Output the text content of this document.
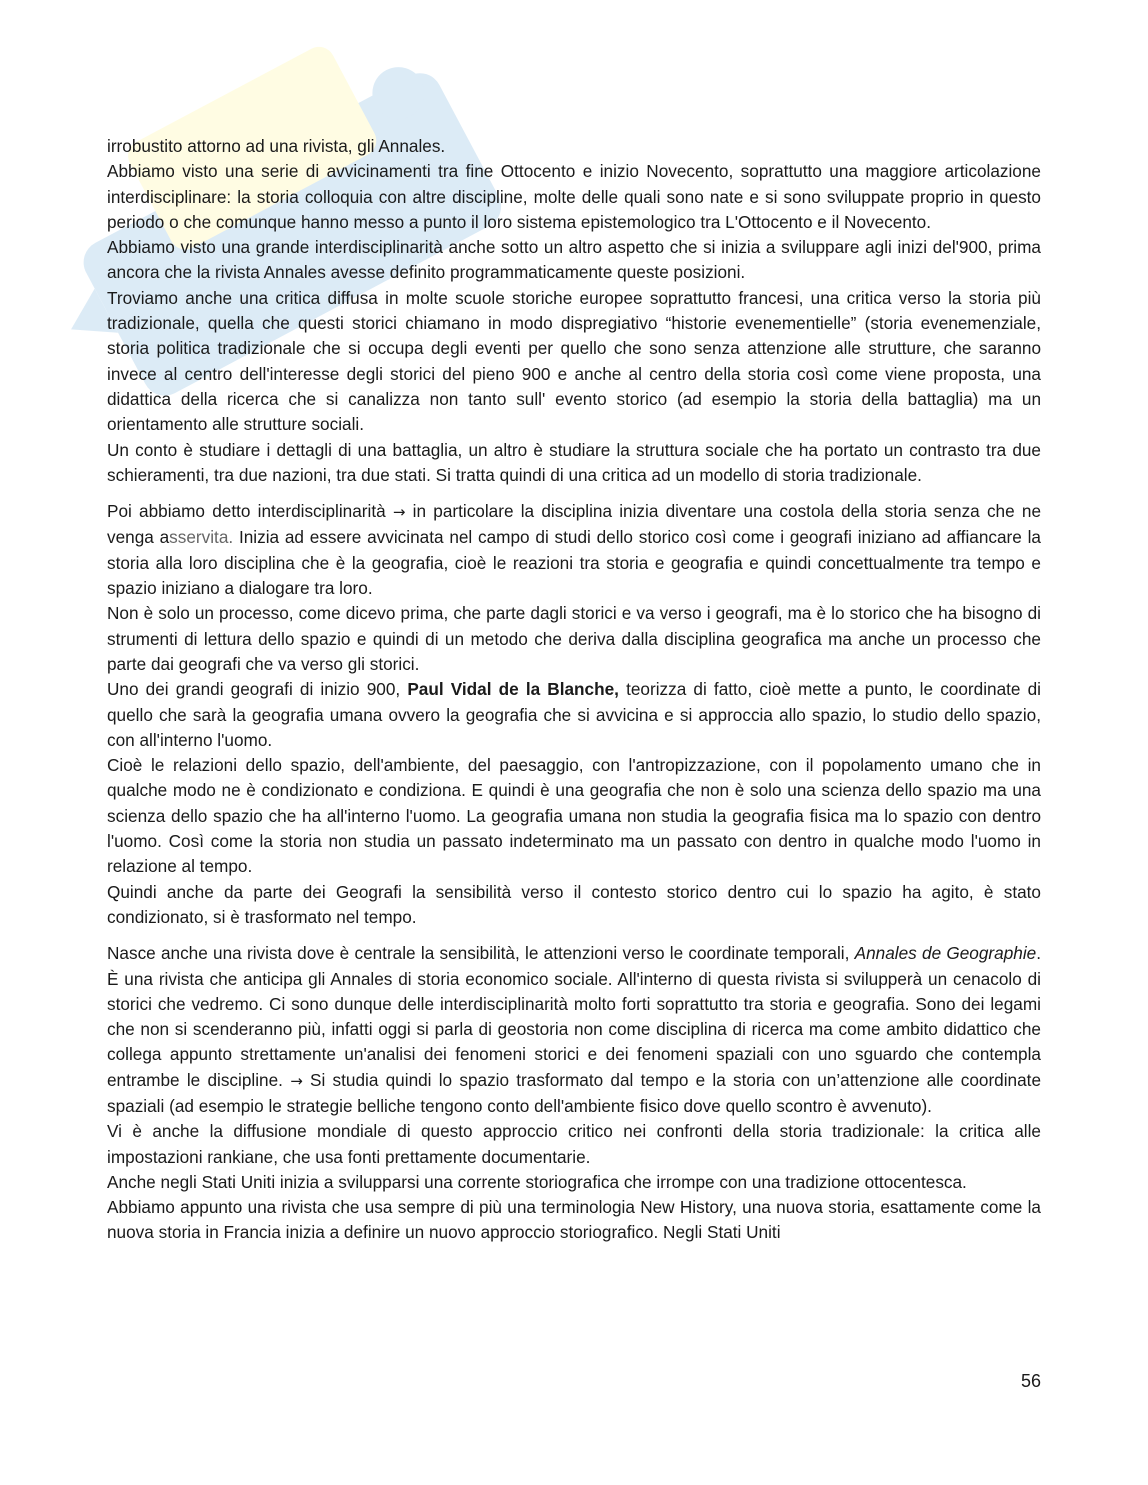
irrobustito attorno ad una rivista, gli Annales.

Abbiamo visto una serie di avvicinamenti tra fine Ottocento e inizio Novecento, soprattutto una maggiore articolazione interdisciplinare: la storia colloquia con altre discipline, molte delle quali sono nate e si sono sviluppate proprio in questo periodo o che comunque hanno messo a punto il loro sistema epistemologico tra L'Ottocento e il Novecento.

Abbiamo visto una grande interdisciplinarità anche sotto un altro aspetto che si inizia a sviluppare agli inizi del'900, prima ancora che la rivista Annales avesse definito programmaticamente queste posizioni.

Troviamo anche una critica diffusa in molte scuole storiche europee soprattutto francesi, una critica verso la storia più tradizionale, quella che questi storici chiamano in modo dispregiativo “historie evenementielle” (storia evenemenziale, storia politica tradizionale che si occupa degli eventi per quello che sono senza attenzione alle strutture, che saranno invece al centro dell'interesse degli storici del pieno 900 e anche al centro della storia così come viene proposta, una didattica della ricerca che si canalizza non tanto sull' evento storico (ad esempio la storia della battaglia) ma un orientamento alle strutture sociali.

Un conto è studiare i dettagli di una battaglia, un altro è studiare la struttura sociale che ha portato un contrasto tra due schieramenti, tra due nazioni, tra due stati. Si tratta quindi di una critica ad un modello di storia tradizionale.

Poi abbiamo detto interdisciplinarità → in particolare la disciplina inizia diventare una costola della storia senza che ne venga asservita. Inizia ad essere avvicinata nel campo di studi dello storico così come i geografi iniziano ad affiancare la storia alla loro disciplina che è la geografia, cioè le reazioni tra storia e geografia e quindi concettualmente tra tempo e spazio iniziano a dialogare tra loro.

Non è solo un processo, come dicevo prima, che parte dagli storici e va verso i geografi, ma è lo storico che ha bisogno di strumenti di lettura dello spazio e quindi di un metodo che deriva dalla disciplina geografica ma anche un processo che parte dai geografi che va verso gli storici.

Uno dei grandi geografi di inizio 900, Paul Vidal de la Blanche, teorizza di fatto, cioè mette a punto, le coordinate di quello che sarà la geografia umana ovvero la geografia che si avvicina e si approccia allo spazio, lo studio dello spazio, con all'interno l'uomo.

Cioè le relazioni dello spazio, dell'ambiente, del paesaggio, con l'antropizzazione, con il popolamento umano che in qualche modo ne è condizionato e condiziona. E quindi è una geografia che non è solo una scienza dello spazio ma una scienza dello spazio che ha all'interno l'uomo. La geografia umana non studia la geografia fisica ma lo spazio con dentro l'uomo. Così come la storia non studia un passato indeterminato ma un passato con dentro in qualche modo l'uomo in relazione al tempo.

Quindi anche da parte dei Geografi la sensibilità verso il contesto storico dentro cui lo spazio ha agito, è stato condizionato, si è trasformato nel tempo.

Nasce anche una rivista dove è centrale la sensibilità, le attenzioni verso le coordinate temporali, Annales de Geographie. È una rivista che anticipa gli Annales di storia economico sociale. All'interno di questa rivista si svilupperà un cenacolo di storici che vedremo. Ci sono dunque delle interdisciplinarità molto forti soprattutto tra storia e geografia. Sono dei legami che non si scenderanno più, infatti oggi si parla di geostoria non come disciplina di ricerca ma come ambito didattico che collega appunto strettamente un'analisi dei fenomeni storici e dei fenomeni spaziali con uno sguardo che contempla entrambe le discipline. → Si studia quindi lo spazio trasformato dal tempo e la storia con un’attenzione alle coordinate spaziali (ad esempio le strategie belliche tengono conto dell'ambiente fisico dove quello scontro è avvenuto).

Vi è anche la diffusione mondiale di questo approccio critico nei confronti della storia tradizionale: la critica alle impostazioni rankiane, che usa fonti prettamente documentarie.

Anche negli Stati Uniti inizia a svilupparsi una corrente storiografica che irrompe con una tradizione ottocentesca.

Abbiamo appunto una rivista che usa sempre di più una terminologia New History, una nuova storia, esattamente come la nuova storia in Francia inizia a definire un nuovo approccio storiografico. Negli Stati Uniti

56
